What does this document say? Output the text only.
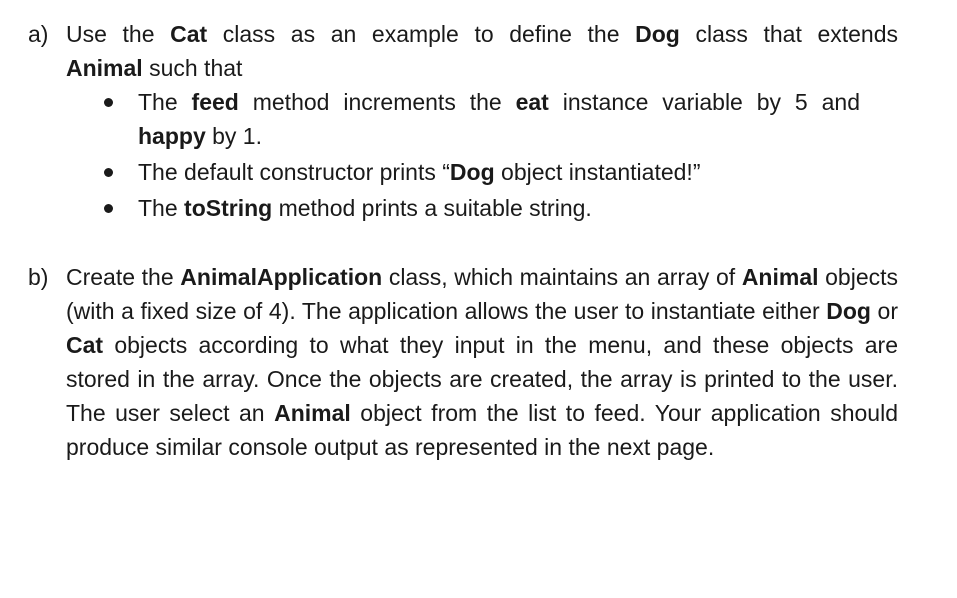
a) Use the Cat class as an example to define the Dog class that extends
Animal such that
The feed method increments the eat instance variable by 5 and
happy by 1.
The default constructor prints “Dog object instantiated!”
The toString method prints a suitable string.
b) Create the AnimalApplication class, which maintains an array of Animal objects (with a fixed size of 4). The application allows the user to instantiate either Dog or Cat objects according to what they input in the menu, and these objects are stored in the array. Once the objects are created, the array is printed to the user. The user select an Animal object from the list to feed. Your application should produce similar console output as represented in the next page.
